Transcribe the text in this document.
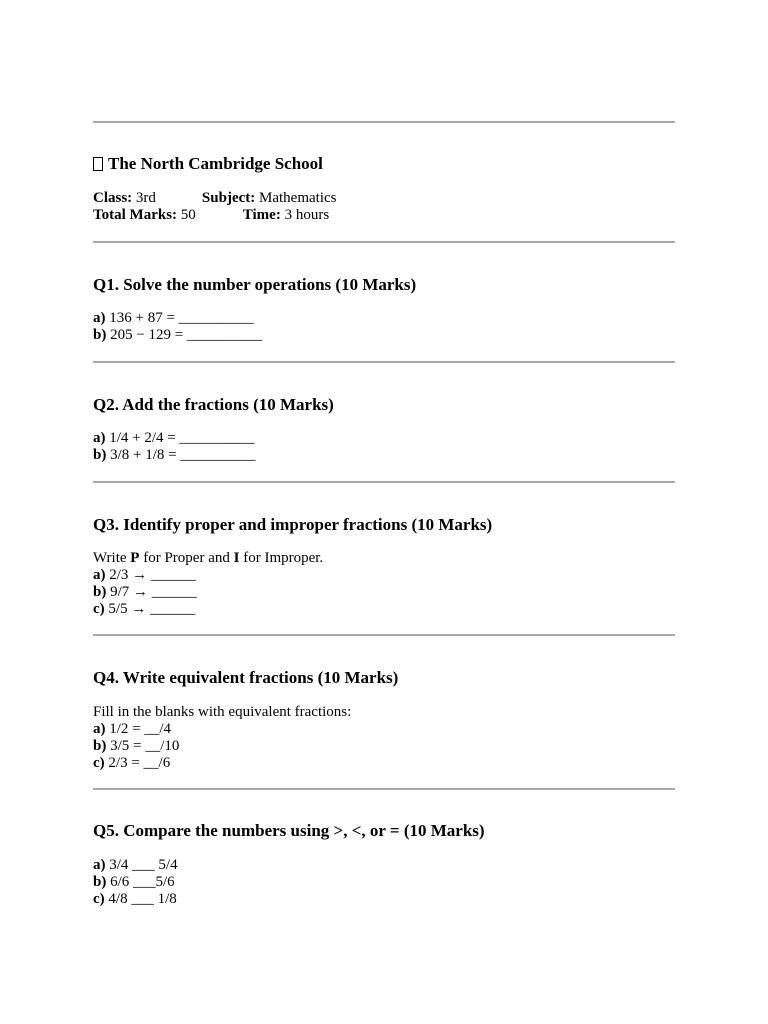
The North Cambridge School
Class: 3rd	Subject: Mathematics
Total Marks: 50	Time: 3 hours
Q1. Solve the number operations (10 Marks)
a) 136 + 87 = __________
b) 205 − 129 = __________
Q2. Add the fractions (10 Marks)
a) 1/4 + 2/4 = __________
b) 3/8 + 1/8 = __________
Q3. Identify proper and improper fractions (10 Marks)
Write P for Proper and I for Improper.
a) 2/3 → ______
b) 9/7 → ______
c) 5/5 → ______
Q4. Write equivalent fractions (10 Marks)
Fill in the blanks with equivalent fractions:
a) 1/2 = __/4
b) 3/5 = __/10
c) 2/3 = __/6
Q5. Compare the numbers using >, <, or = (10 Marks)
a) 3/4 ___ 5/4
b) 6/6 ___5/6
c) 4/8 ___ 1/8
